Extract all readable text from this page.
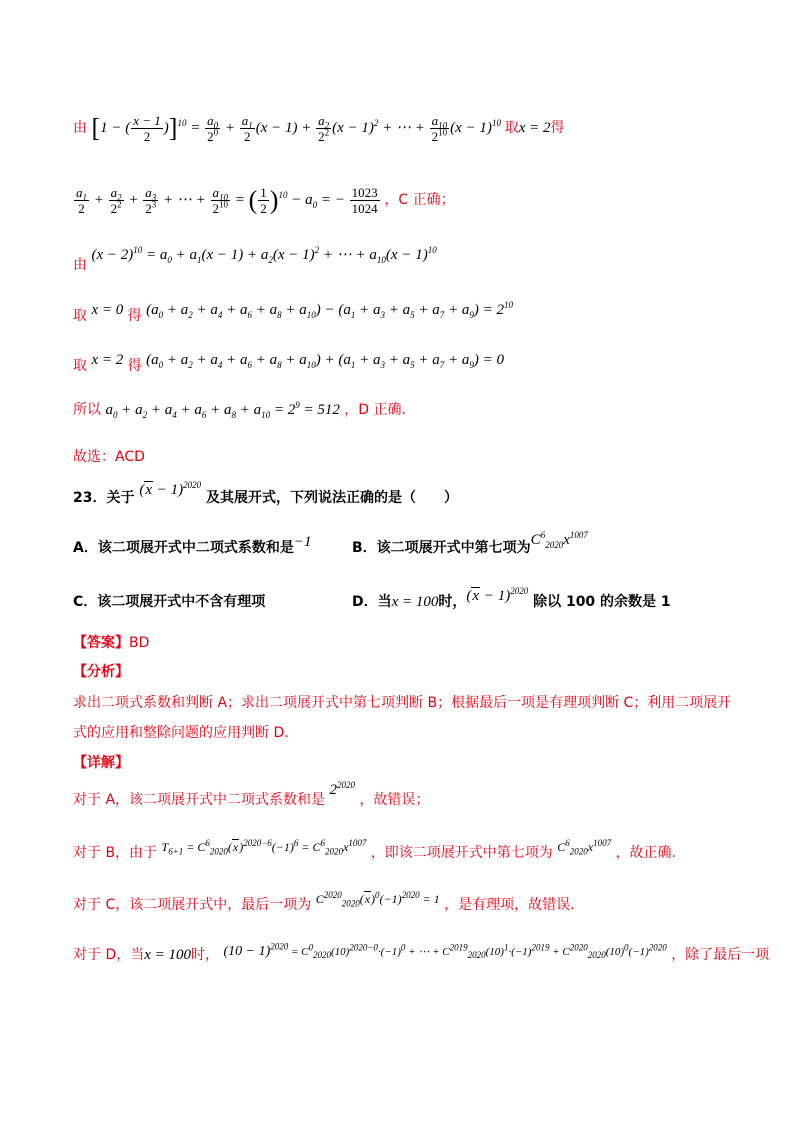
由 [1 − ( $\frac{x - 1}{2} )]^{10} = \frac{a_0}{2^0} + \frac{a_1}{2} (x - 1) + \frac{a_2}{2^2} (x - 1)^2$ + ⋯ + $\frac{a_{10}}{2^{10}} (x - 1)^{10}$ 取x = 2得
$\frac{a_1}{2} + \frac{a_2}{2^2} + \frac{a_3}{2^3}$ + ⋯ + $\frac{a_{10}}{2^{10}}$ = ( $\frac{1}{2} )^{10} - a_0$ = − $\frac{1023}{1024}$ ，C 正确；
由 $(x - 2)^{10} = a_0 + a_1(x - 1) + a_2(x - 1)^2$ + ⋯ + $a_{10}(x - 1)^{10}$
取 x = 0 得 $(a_0 + a_2 + a_4 + a_6 + a_8 + a_{10}) - (a_1 + a_3 + a_5 + a_7 + a_9) = 2^{10}$
取 x = 2 得 $(a_0 + a_2 + a_4 + a_6 + a_8 + a_{10}) + (a_1 + a_3 + a_5 + a_7 + a_9) = 0$
所以 $a_0 + a_2 + a_4 + a_6 + a_8 + a_{10} = 2^9 = 512$ ，D 正确.
故选：ACD
23．关于 $(x - 1)^{2020}$ 及其展开式，下列说法正确的是（　　）
A．该二项展开式中二项式系数和是−1	B．该二项展开式中第七项为$C^6_{2020}x^{1007}$
C．该二项展开式中不含有理项	D．当x = 100时，$(x - 1)^{2020}$ 除以 100 的余数是 1
【答案】BD
【分析】
求出二项式系数和判断 A；求出二项展开式中第七项判断 B；根据最后一项是有理项判断 C；利用二项展开
式的应用和整除问题的应用判断 D.
【详解】
对于 A，该二项展开式中二项式系数和是 $2^{2020}$ ，故错误；
对于 B，由于 $T_{6+1} = C^6_{2020}(x)^{2020-6}(-1)^6 = C^6_{2020}x^{1007}$ ，即该二项展开式中第七项为 $C^6_{2020}x^{1007}$ ，故正确.
对于 C，该二项展开式中，最后一项为 $C^{2020}_{2020}(x)^0(-1)^{2020} = 1$ ，是有理项，故错误.
对于 D，当x = 100时， $^{(10 - 1)^{2020} = C^0_{2020}(10)^{2020-0}\cdot(-1)^0 + \cdots + C^{2019}_{2020}(10)^1\cdot(-1)^{2019} + C^{2020}_{2020}(10)^0(-1)^{2020}}$ ，除了最后一项
